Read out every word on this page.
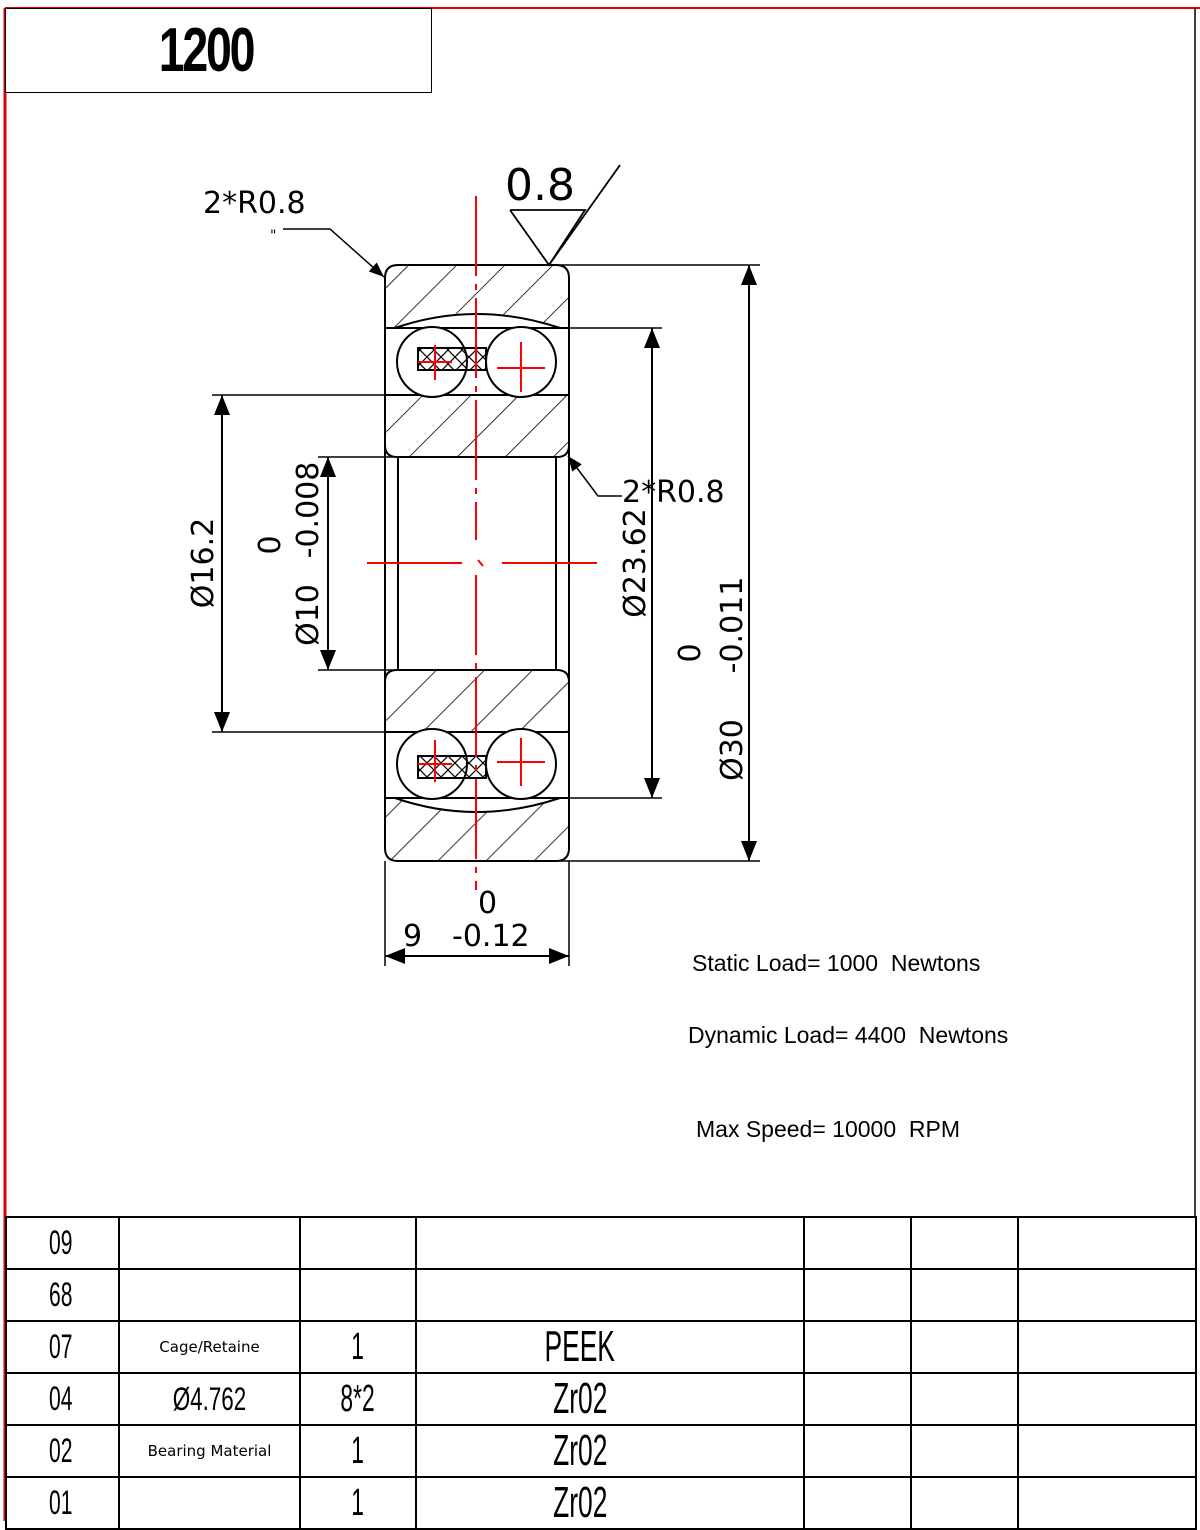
2*R0.8
"
0.8
2*R0.8
Ø16.2
Ø10
-0.008
0	Ø23.62
Ø30
-0.011
0
9
0
-0.12
1200
Static Load= 1000  Newtons
Dynamic Load= 4400  Newtons
Max Speed= 10000  RPM
09						
68						
07	Cage/Retaine	1	PEEK			
04	Ø4.762	8*2	Zr02			
02	Bearing Material	1	Zr02			
01		1	Zr02			
